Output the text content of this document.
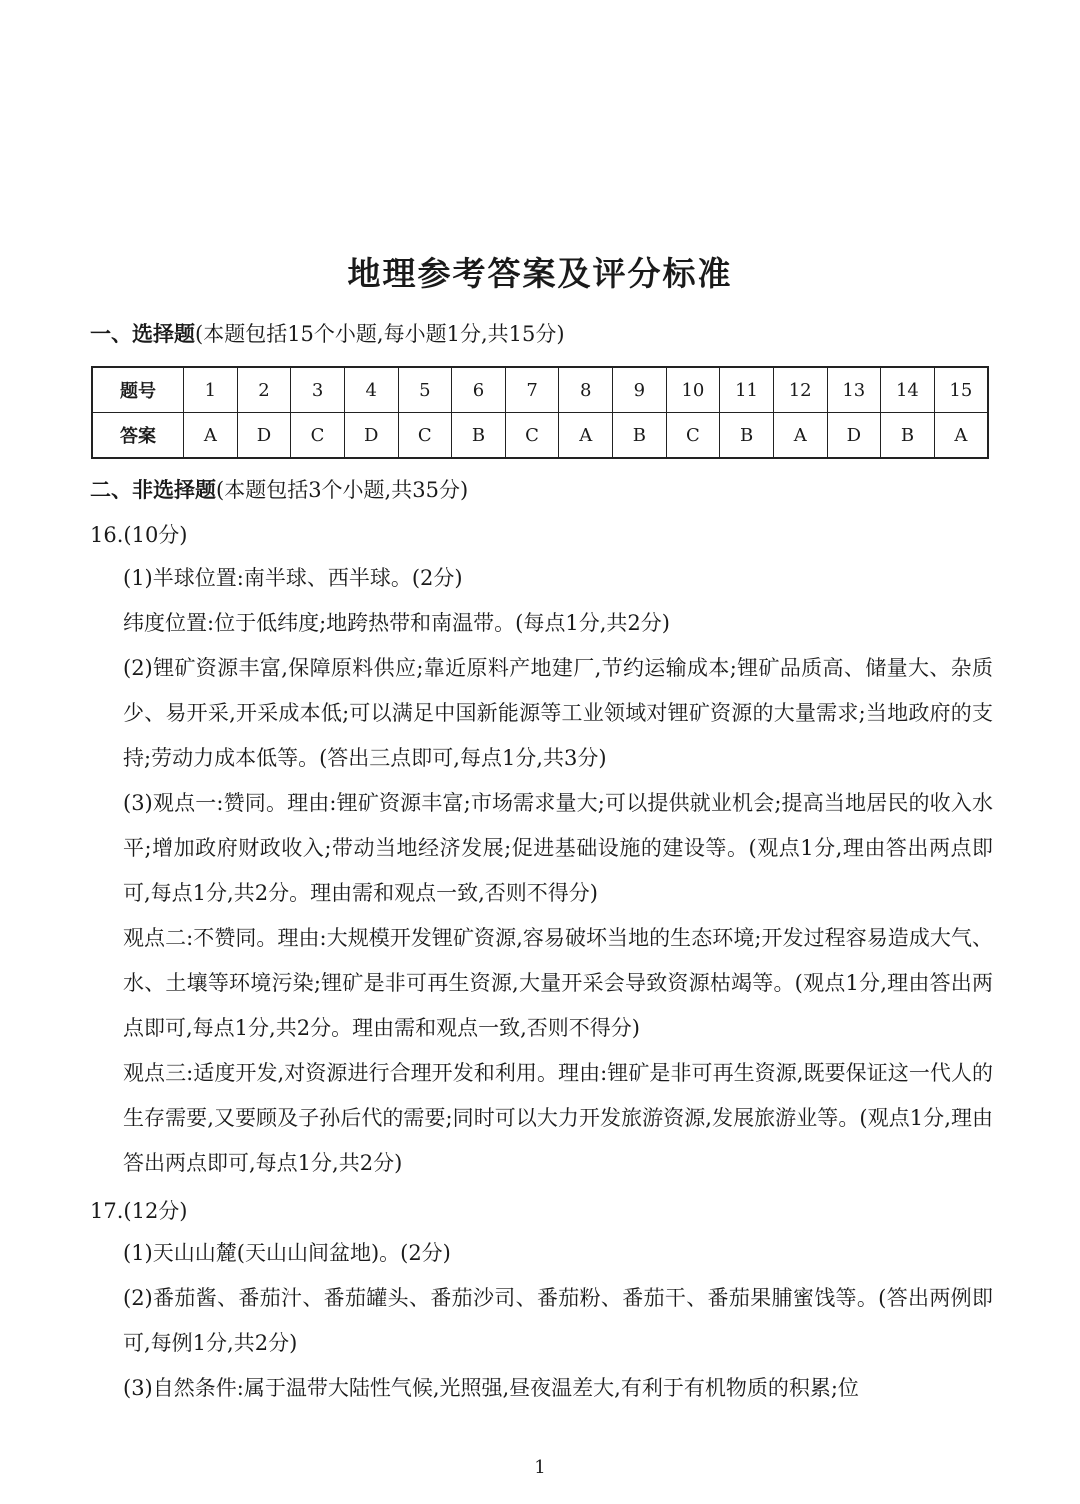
地理参考答案及评分标准
一、选择题(本题包括15个小题,每小题1分,共15分)
题号	1	2	3	4	5	6	7	8	9	10	11	12	13	14	15
答案	A	D	C	D	C	B	C	A	B	C	B	A	D	B	A
二、非选择题(本题包括3个小题,共35分)
16.(10分)

(1)半球位置:南半球、西半球。(2分)

纬度位置:位于低纬度;地跨热带和南温带。(每点1分,共2分)

(2)锂矿资源丰富,保障原料供应;靠近原料产地建厂,节约运输成本;锂矿品质高、储量大、杂质少、易开采,开采成本低;可以满足中国新能源等工业领域对锂矿资源的大量需求;当地政府的支持;劳动力成本低等。(答出三点即可,每点1分,共3分)

(3)观点一:赞同。理由:锂矿资源丰富;市场需求量大;可以提供就业机会;提高当地居民的收入水平;增加政府财政收入;带动当地经济发展;促进基础设施的建设等。(观点1分,理由答出两点即可,每点1分,共2分。理由需和观点一致,否则不得分)

观点二:不赞同。理由:大规模开发锂矿资源,容易破坏当地的生态环境;开发过程容易造成大气、水、土壤等环境污染;锂矿是非可再生资源,大量开采会导致资源枯竭等。(观点1分,理由答出两点即可,每点1分,共2分。理由需和观点一致,否则不得分)

观点三:适度开发,对资源进行合理开发和利用。理由:锂矿是非可再生资源,既要保证这一代人的生存需要,又要顾及子孙后代的需要;同时可以大力开发旅游资源,发展旅游业等。(观点1分,理由答出两点即可,每点1分,共2分)

17.(12分)

(1)天山山麓(天山山间盆地)。(2分)

(2)番茄酱、番茄汁、番茄罐头、番茄沙司、番茄粉、番茄干、番茄果脯蜜饯等。(答出两例即可,每例1分,共2分)

(3)自然条件:属于温带大陆性气候,光照强,昼夜温差大,有利于有机物质的积累;位

1
